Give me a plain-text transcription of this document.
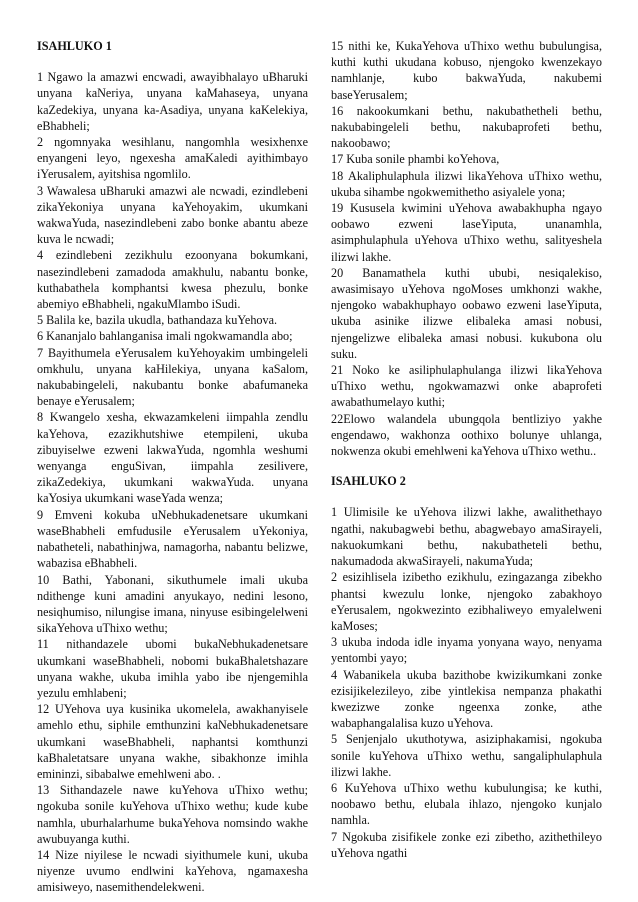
ISAHLUKO 1

1 Ngawo la amazwi encwadi, awayibhalayo uBharuki unyana kaNeriya, unyana kaMahaseya, unyana kaZedekiya, unyana ka-Asadiya, unyana kaKelekiya, eBhabheli;

2 ngomnyaka wesihlanu, nangomhla wesixhenxe enyangeni leyo, ngexesha amaKaledi ayithimbayo iYerusalem, ayitshisa ngomlilo.

3 Wawalesa uBharuki amazwi ale ncwadi, ezindlebeni zikaYekoniya unyana kaYehoyakim, ukumkani wakwaYuda, nasezindlebeni zabo bonke abantu abeze kuva le ncwadi;

4 ezindlebeni zezikhulu ezoonyana bokumkani, nasezindlebeni zamadoda amakhulu, nabantu bonke, kuthabathela komphantsi kwesa phezulu, bonke abemiyo eBhabheli, ngakuMlambo iSudi.

5 Balila ke, bazila ukudla, bathandaza kuYehova.

6 Kananjalo bahlanganisa imali ngokwamandla abo;

7 Bayithumela eYerusalem kuYehoyakim umbingeleli omkhulu, unyana kaHilekiya, unyana kaSalom, nakubabingeleli, nakubantu bonke abafumaneka benaye eYerusalem;

8 Kwangelo xesha, ekwazamkeleni iimpahla zendlu kaYehova, ezazikhutshiwe etempileni, ukuba zibuyiselwe ezweni lakwaYuda, ngomhla weshumi wenyanga enguSivan, iimpahla zesilivere, zikaZedekiya, ukumkani wakwaYuda. unyana kaYosiya ukumkani waseYada wenza;

9 Emveni kokuba uNebhukadenetsare ukumkani waseBhabheli emfudusile eYerusalem uYekoniya, nabatheteli, nabathinjwa, namagorha, nabantu belizwe, wabazisa eBhabheli.

10 Bathi, Yabonani, sikuthumele imali ukuba ndithenge kuni amadini anyukayo, nedini lesono, nesiqhumiso, nilungise imana, ninyuse esibingelelweni sikaYehova uThixo wethu;

11 nithandazele ubomi bukaNebhukadenetsare ukumkani waseBhabheli, nobomi bukaBhaletshazare unyana wakhe, ukuba imihla yabo ibe njengemihla yezulu emhlabeni;

12 UYehova uya kusinika ukomelela, awakhanyisele amehlo ethu, siphile emthunzini kaNebhukadenetsare ukumkani waseBhabheli, naphantsi komthunzi kaBhaletatsare unyana wakhe, sibakhonze imihla emininzi, sibabalwe emehlweni abo. .

13 Sithandazele nawe kuYehova uThixo wethu; ngokuba sonile kuYehova uThixo wethu; kude kube namhla, uburhalarhume bukaYehova nomsindo wakhe awubuyanga kuthi.

14 Nize niyilese le ncwadi siyithumele kuni, ukuba niyenze uvumo endlwini kaYehova, ngamaxesha amisiweyo, nasemithendelekweni.

15 nithi ke, KukaYehova uThixo wethu bubulungisa, kuthi kuthi ukudana kobuso, njengoko kwenzekayo namhlanje, kubo bakwaYuda, nakubemi baseYerusalem;

16 nakookumkani bethu, nakubathetheli bethu, nakubabingeleli bethu, nakubaprofeti bethu, nakoobawo;

17 Kuba sonile phambi koYehova,

18 Akaliphulaphula ilizwi likaYehova uThixo wethu, ukuba sihambe ngokwemithetho asiyalele yona;

19 Kususela kwimini uYehova awabakhupha ngayo oobawo ezweni laseYiputa, unanamhla, asimphulaphula uYehova uThixo wethu, salityeshela ilizwi lakhe.

20 Banamathela kuthi ububi, nesiqalekiso, awasimisayo uYehova ngoMoses umkhonzi wakhe, njengoko wabakhuphayo oobawo ezweni laseYiputa, ukuba asinike ilizwe elibaleka amasi nobusi, njengelizwe elibaleka amasi nobusi. kukubona olu suku.

21 Noko ke asiliphulaphulanga ilizwi likaYehova uThixo wethu, ngokwamazwi onke abaprofeti awabathumelayo kuthi;

22Elowo walandela ubungqola bentliziyo yakhe engendawo, wakhonza oothixo bolunye uhlanga, nokwenza okubi emehlweni kaYehova uThixo wethu..

ISAHLUKO 2

1 Ulimisile ke uYehova ilizwi lakhe, awalithethayo ngathi, nakubagwebi bethu, abagwebayo amaSirayeli, nakuokumkani bethu, nakubatheteli bethu, nakumadoda akwaSirayeli, nakumaYuda;

2 esizihlisela izibetho ezikhulu, ezingazanga zibekho phantsi kwezulu lonke, njengoko zabakhoyo eYerusalem, ngokwezinto ezibhaliweyo emyalelweni kaMoses;

3 ukuba indoda idle inyama yonyana wayo, nenyama yentombi yayo;

4 Wabanikela ukuba bazithobe kwizikumkani zonke ezisijikelezileyo, zibe yintlekisa nempanza phakathi kwezizwe zonke ngeenxa zonke, athe wabaphangalalisa kuzo uYehova.

5 Senjenjalo ukuthotywa, asiziphakamisi, ngokuba sonile kuYehova uThixo wethu, sangaliphulaphula ilizwi lakhe.

6 KuYehova uThixo wethu kubulungisa; ke kuthi, noobawo bethu, elubala ihlazo, njengoko kunjalo namhla.

7 Ngokuba zisifikele zonke ezi zibetho, azithethileyo uYehova ngathi
